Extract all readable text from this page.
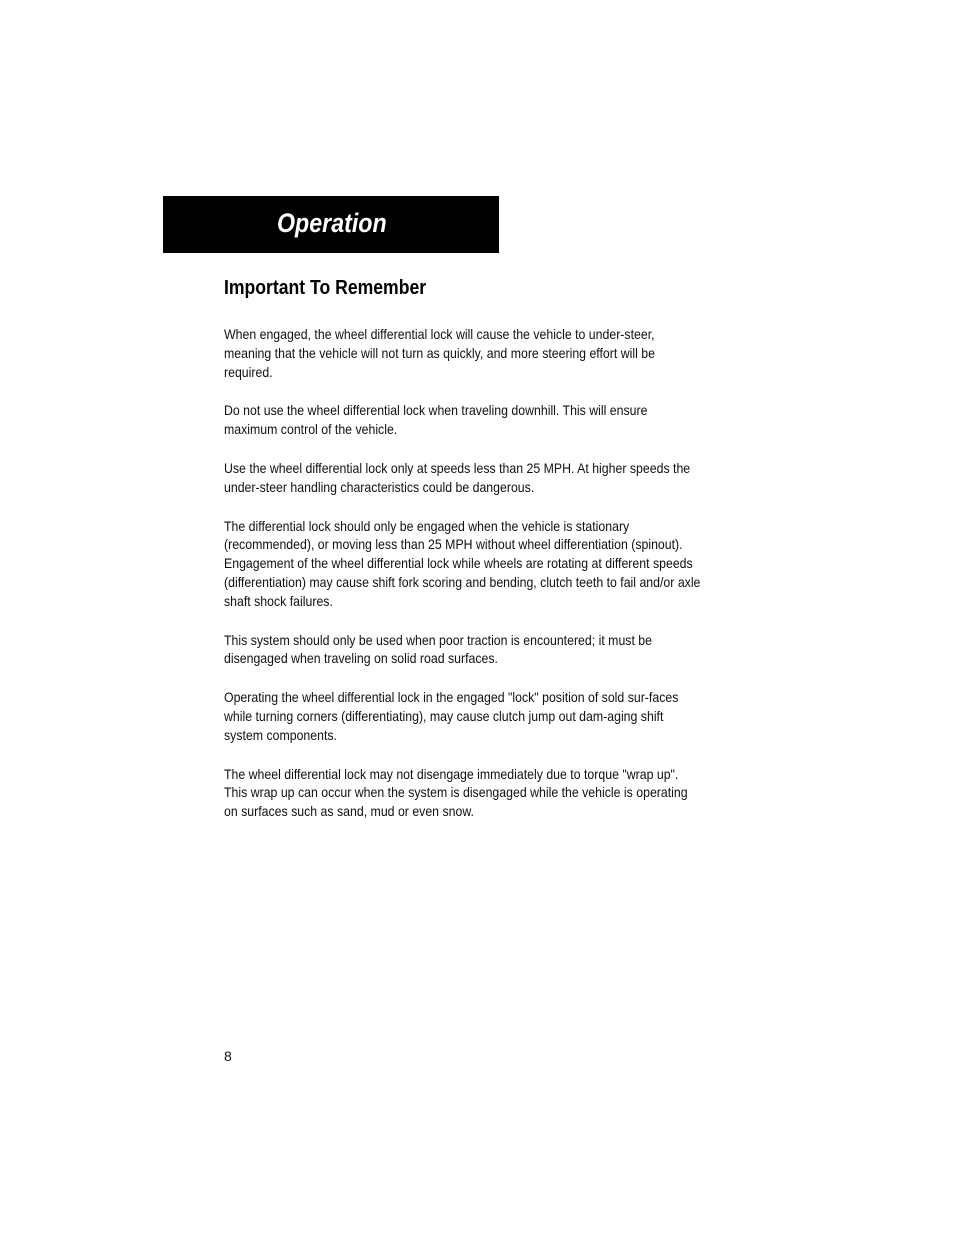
Operation
Important To Remember

When engaged, the wheel differential lock will cause the vehicle to under-steer, meaning that the vehicle will not turn as quickly, and more steering effort will be required.

Do not use the wheel differential lock when traveling downhill. This will ensure maximum control of the vehicle.

Use the wheel differential lock only at speeds less than 25 MPH. At higher speeds the under-steer handling characteristics could be dangerous.

The differential lock should only be engaged when the vehicle is stationary (recommended), or moving less than 25 MPH without wheel differentiation (spinout). Engagement of the wheel differential lock while wheels are rotating at different speeds (differentiation) may cause shift fork scoring and bending, clutch teeth to fail and/or axle shaft shock failures.

This system should only be used when poor traction is encountered; it must be disengaged when traveling on solid road surfaces.

Operating the wheel differential lock in the engaged "lock" position of sold sur-faces while turning corners (differentiating), may cause clutch jump out dam-aging shift system components.

The wheel differential lock may not disengage immediately due to torque "wrap up". This wrap up can occur when the system is disengaged while the vehicle is operating on surfaces such as sand, mud or even snow.

8
